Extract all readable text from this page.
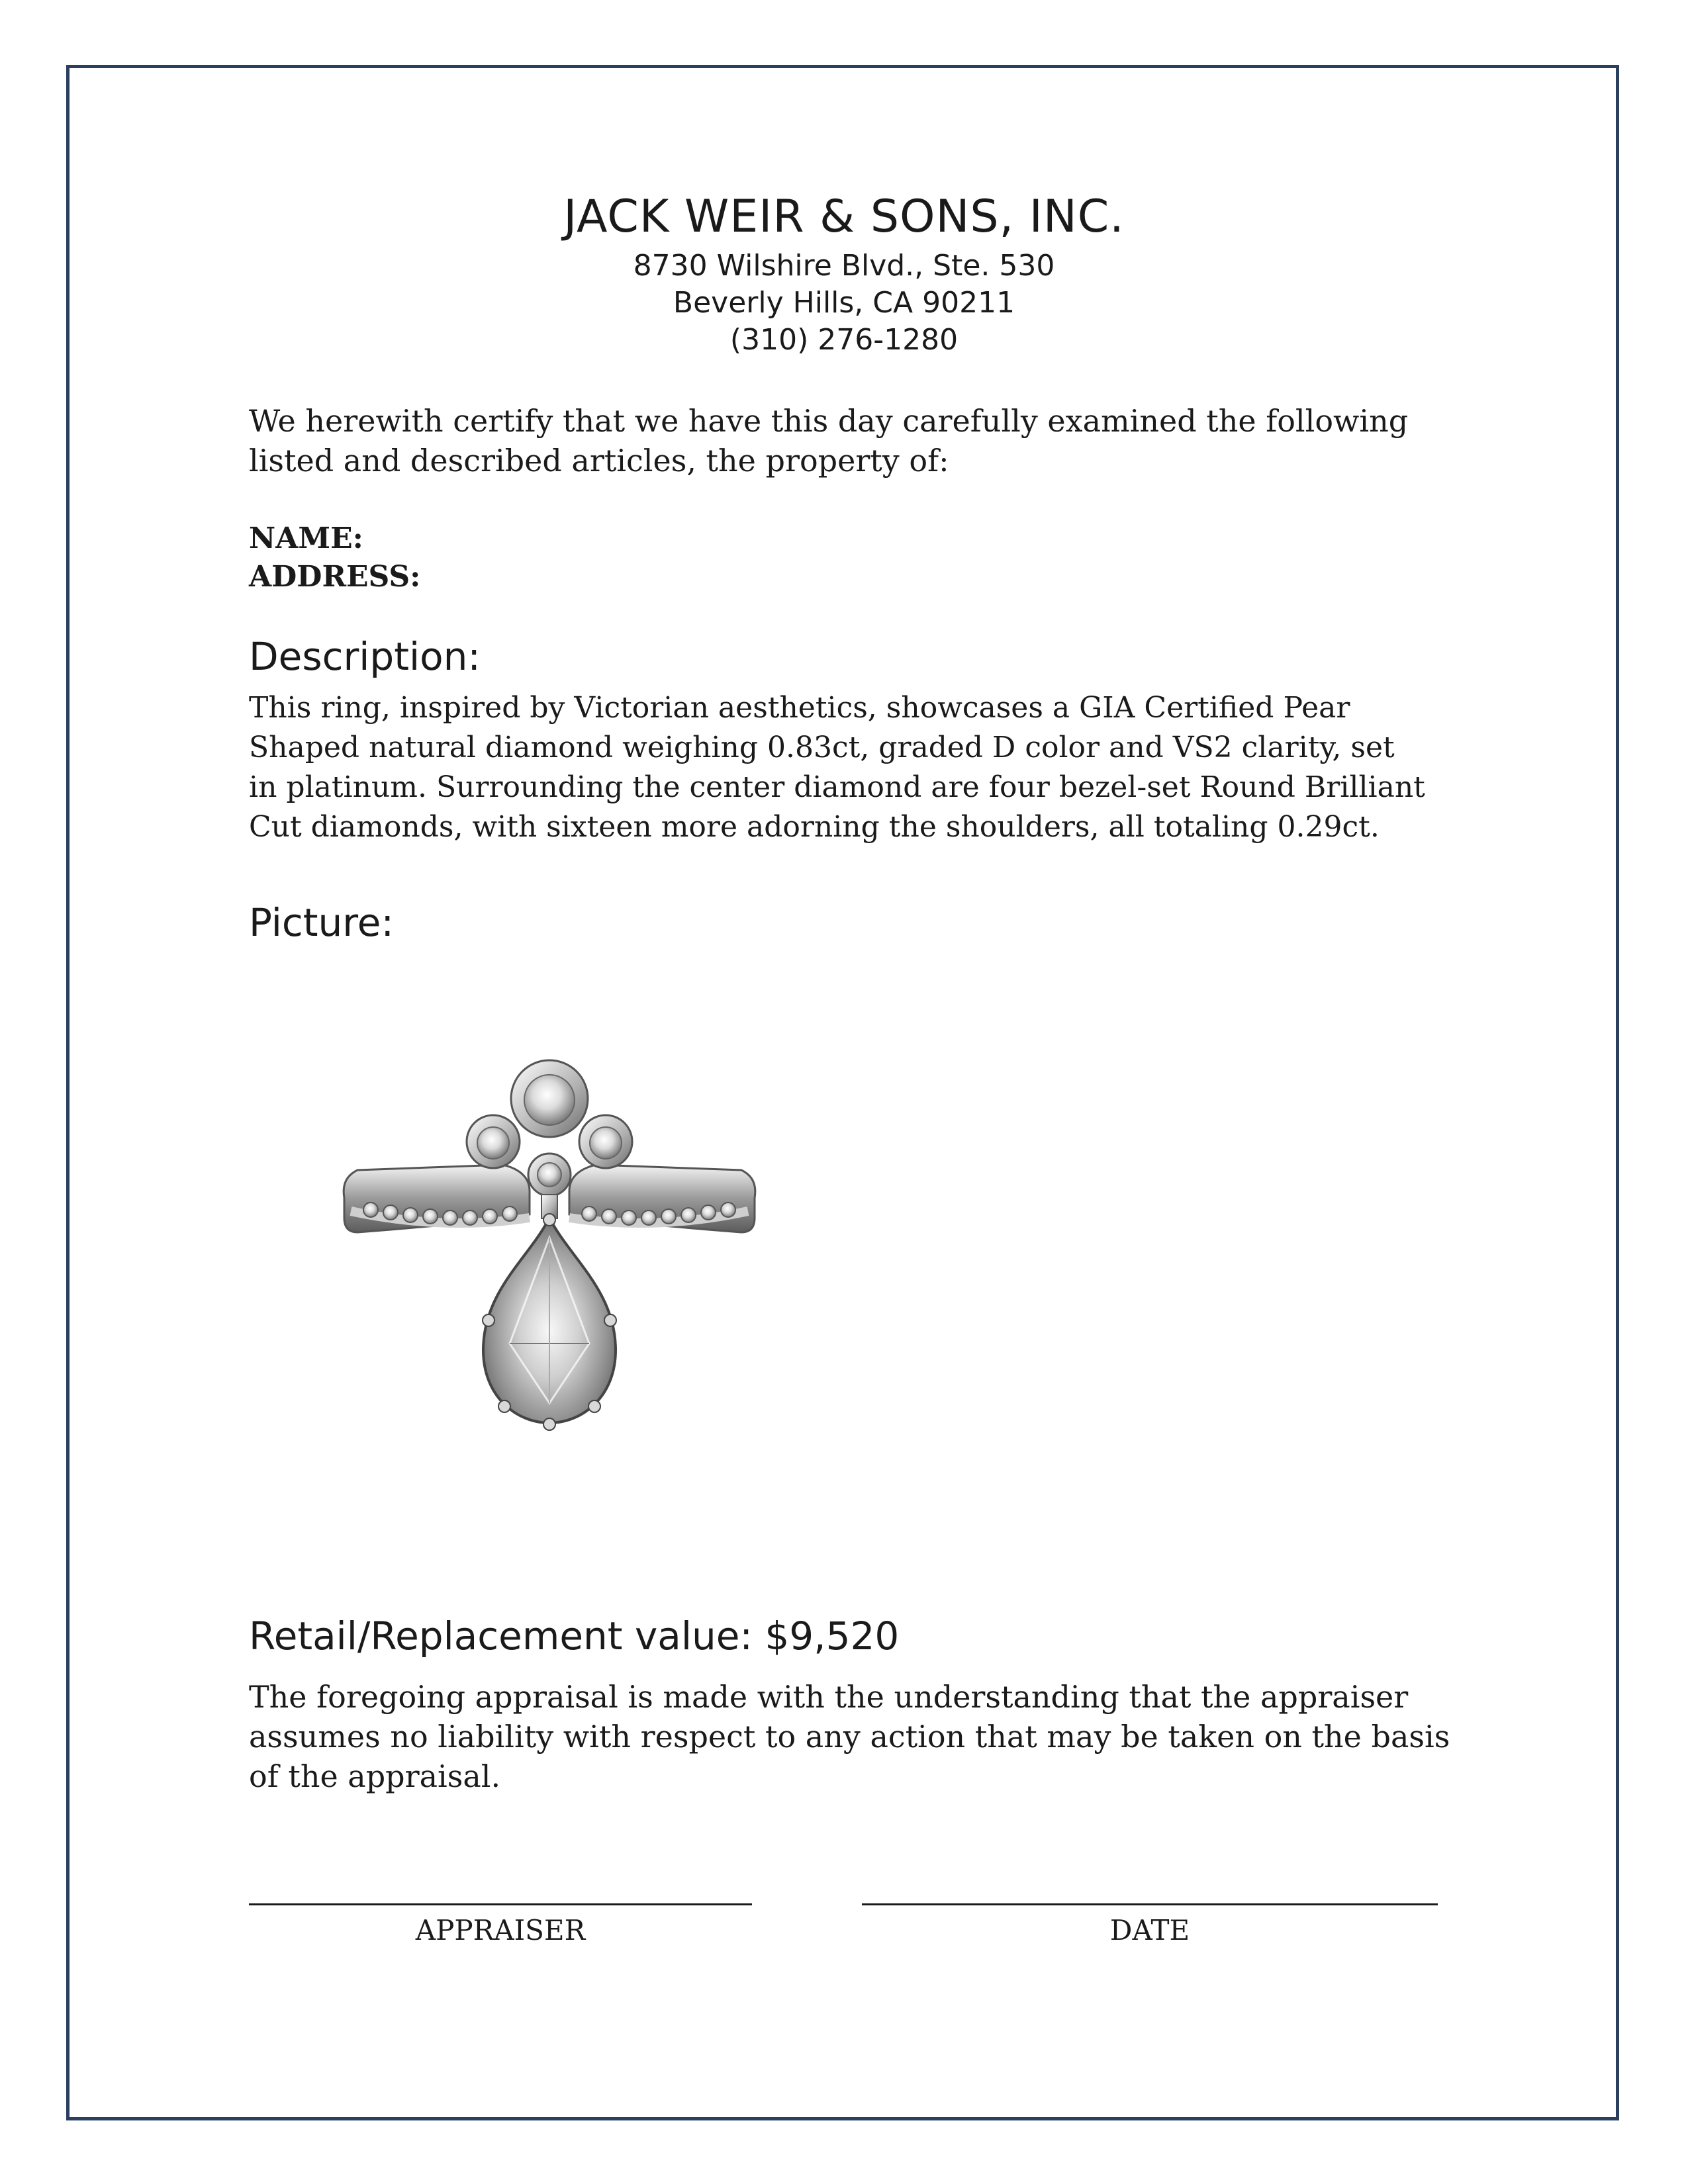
JACK WEIR & SONS, INC.
8730 Wilshire Blvd., Ste. 530
Beverly Hills, CA 90211
(310) 276-1280
We herewith certify that we have this day carefully examined the following listed and described articles, the property of:
NAME:
ADDRESS:
Description:
This ring, inspired by Victorian aesthetics, showcases a GIA Certified Pear Shaped natural diamond weighing 0.83ct, graded D color and VS2 clarity, set in platinum. Surrounding the center diamond are four bezel-set Round Brilliant Cut diamonds, with sixteen more adorning the shoulders, all totaling 0.29ct.
Picture:
Retail/Replacement value: $9,520
The foregoing appraisal is made with the understanding that the appraiser assumes no liability with respect to any action that may be taken on the basis of the appraisal.
APPRAISER	DATE
